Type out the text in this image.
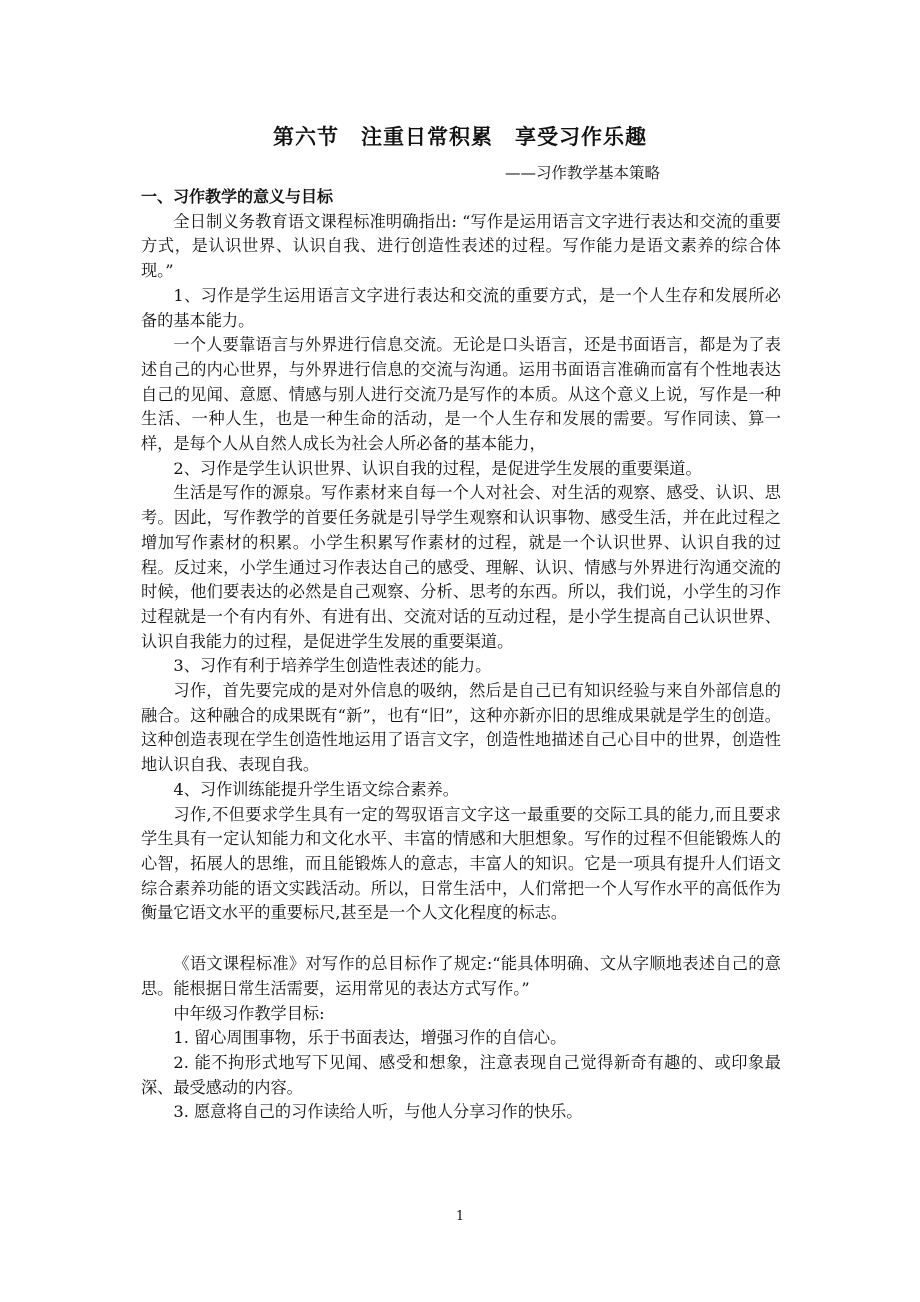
第六节　注重日常积累　享受习作乐趣
——习作教学基本策略

一、习作教学的意义与目标

全日制义务教育语文课程标准明确指出: “写作是运用语言文字进行表达和交流的重要方式，是认识世界、认识自我、进行创造性表述的过程。写作能力是语文素养的综合体现。”

1、习作是学生运用语言文字进行表达和交流的重要方式，是一个人生存和发展所必备的基本能力。

一个人要靠语言与外界进行信息交流。无论是口头语言，还是书面语言，都是为了表述自己的内心世界，与外界进行信息的交流与沟通。运用书面语言准确而富有个性地表达自己的见闻、意愿、情感与别人进行交流乃是写作的本质。从这个意义上说，写作是一种生活、一种人生，也是一种生命的活动，是一个人生存和发展的需要。写作同读、算一样，是每个人从自然人成长为社会人所必备的基本能力，

2、习作是学生认识世界、认识自我的过程，是促进学生发展的重要渠道。

生活是写作的源泉。写作素材来自每一个人对社会、对生活的观察、感受、认识、思考。因此，写作教学的首要任务就是引导学生观察和认识事物、感受生活，并在此过程之增加写作素材的积累。小学生积累写作素材的过程，就是一个认识世界、认识自我的过程。反过来，小学生通过习作表达自己的感受、理解、认识、情感与外界进行沟通交流的时候，他们要表达的必然是自己观察、分析、思考的东西。所以，我们说，小学生的习作过程就是一个有内有外、有进有出、交流对话的互动过程，是小学生提高自己认识世界、认识自我能力的过程，是促进学生发展的重要渠道。

3、习作有利于培养学生创造性表述的能力。

习作，首先要完成的是对外信息的吸纳，然后是自己已有知识经验与来自外部信息的融合。这种融合的成果既有“新”，也有“旧”，这种亦新亦旧的思维成果就是学生的创造。这种创造表现在学生创造性地运用了语言文字，创造性地描述自己心目中的世界，创造性地认识自我、表现自我。

4、习作训练能提升学生语文综合素养。

习作,不但要求学生具有一定的驾驭语言文字这一最重要的交际工具的能力,而且要求学生具有一定认知能力和文化水平、丰富的情感和大胆想象。写作的过程不但能锻炼人的心智，拓展人的思维，而且能锻炼人的意志，丰富人的知识。它是一项具有提升人们语文综合素养功能的语文实践活动。所以，日常生活中，人们常把一个人写作水平的高低作为衡量它语文水平的重要标尺,甚至是一个人文化程度的标志。

《语文课程标准》对写作的总目标作了规定:“能具体明确、文从字顺地表述自己的意思。能根据日常生活需要，运用常见的表达方式写作。”

中年级习作教学目标:

1. 留心周围事物，乐于书面表达，增强习作的自信心。

2. 能不拘形式地写下见闻、感受和想象，注意表现自己觉得新奇有趣的、或印象最深、最受感动的内容。

3. 愿意将自己的习作读给人听，与他人分享习作的快乐。

1
